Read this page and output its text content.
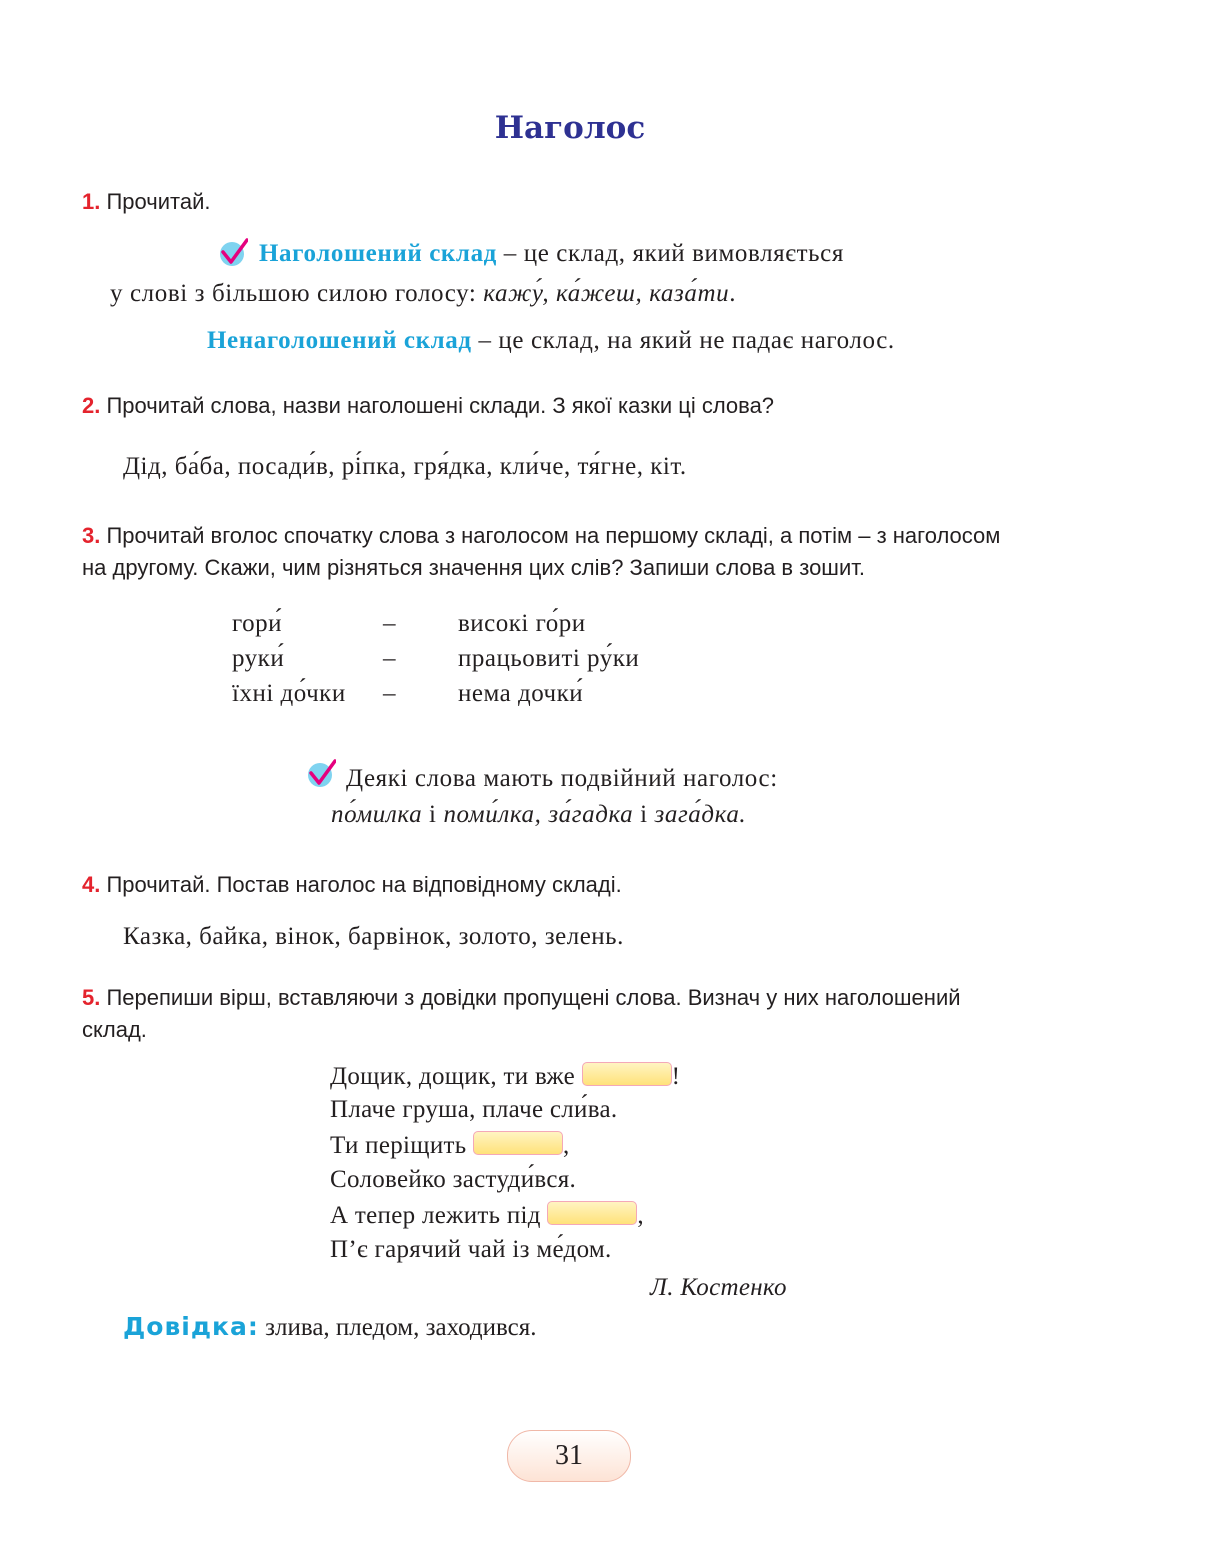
Наголос
1. Прочитай.
Наголошений склад – це склад, який вимовляється
у слові з більшою силою голосу: кажу́, ка́жеш, каза́ти.
Ненаголошений склад – це склад, на який не падає наголос.
2. Прочитай слова, назви наголошені склади. З якої казки ці слова?
Дід, ба́ба, посади́в, рі́пка, гря́дка, кли́че, тя́гне, кіт.
3. Прочитай вголос спочатку слова з наголосом на першому складі, а потім – з наголосом
на другому. Скажи, чим різняться значення цих слів? Запиши слова в зошит.
гори́	– високі го́ри
руки́	– працьовиті ру́ки
їхні до́чки – нема дочки́
Деякі слова мають подвійний наголос:
по́милка і поми́лка, за́гадка і зага́дка.
4. Прочитай. Постав наголос на відповідному складі.
Казка, байка, вінок, барвінок, золото, зелень.
5. Перепиши вірш, вставляючи з довідки пропущені слова. Визнач у них наголошений
склад.
Дощик, дощик, ти вже	!
Плаче груша, плаче сли́ва.
Ти періщить	,
Соловейко застуди́вся.
А тепер лежить під	,
П’є гарячий чай із ме́дом.
Л. Костенко
Довідка: злива, пледом, заходився.
31
